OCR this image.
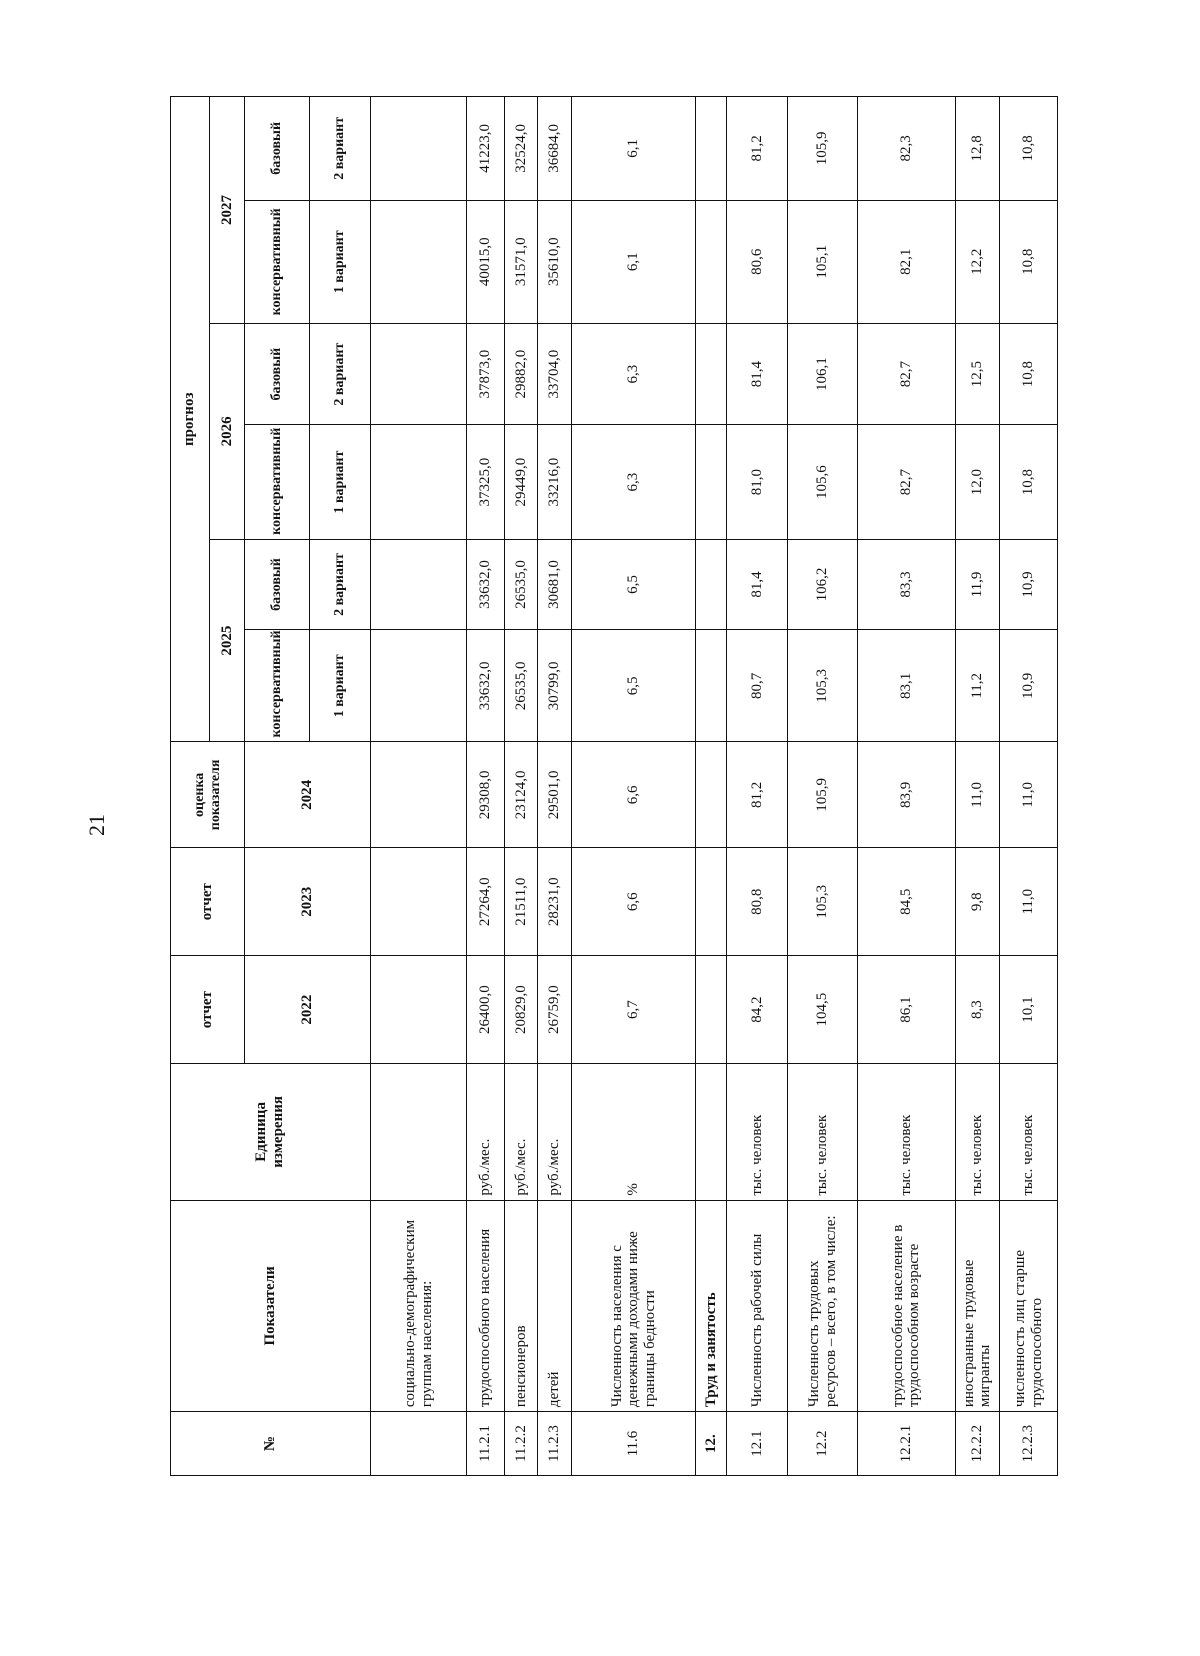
21
№	Показатели	Единица измерения	отчет	отчет	оценка показателя	прогноз					
						2025		2026		2027	
			2022	2023	2024	консервативный	базовый	консервативный	базовый	консервативный	базовый
						1 вариант	2 вариант	1 вариант	2 вариант	1 вариант	2 вариант
	социально-демографическим группам населения:										
11.2.1	трудоспособного населения	руб./мес.	26400,0	27264,0	29308,0	33632,0	33632,0	37325,0	37873,0	40015,0	41223,0
11.2.2	пенсионеров	руб./мес.	20829,0	21511,0	23124,0	26535,0	26535,0	29449,0	29882,0	31571,0	32524,0
11.2.3	детей	руб./мес.	26759,0	28231,0	29501,0	30799,0	30681,0	33216,0	33704,0	35610,0	36684,0
11.6	Численность населения с денежными доходами ниже границы бедности	%	6,7	6,6	6,6	6,5	6,5	6,3	6,3	6,1	6,1
12.	Труд и занятость										
12.1	Численность рабочей силы	тыс. человек	84,2	80,8	81,2	80,7	81,4	81,0	81,4	80,6	81,2
12.2	Численность трудовых ресурсов – всего, в том числе:	тыс. человек	104,5	105,3	105,9	105,3	106,2	105,6	106,1	105,1	105,9
12.2.1	трудоспособное население в трудоспособном возрасте	тыс. человек	86,1	84,5	83,9	83,1	83,3	82,7	82,7	82,1	82,3
12.2.2	иностранные трудовые мигранты	тыс. человек	8,3	9,8	11,0	11,2	11,9	12,0	12,5	12,2	12,8
12.2.3	численность лиц старше трудоспособного	тыс. человек	10,1	11,0	11,0	10,9	10,9	10,8	10,8	10,8	10,8
